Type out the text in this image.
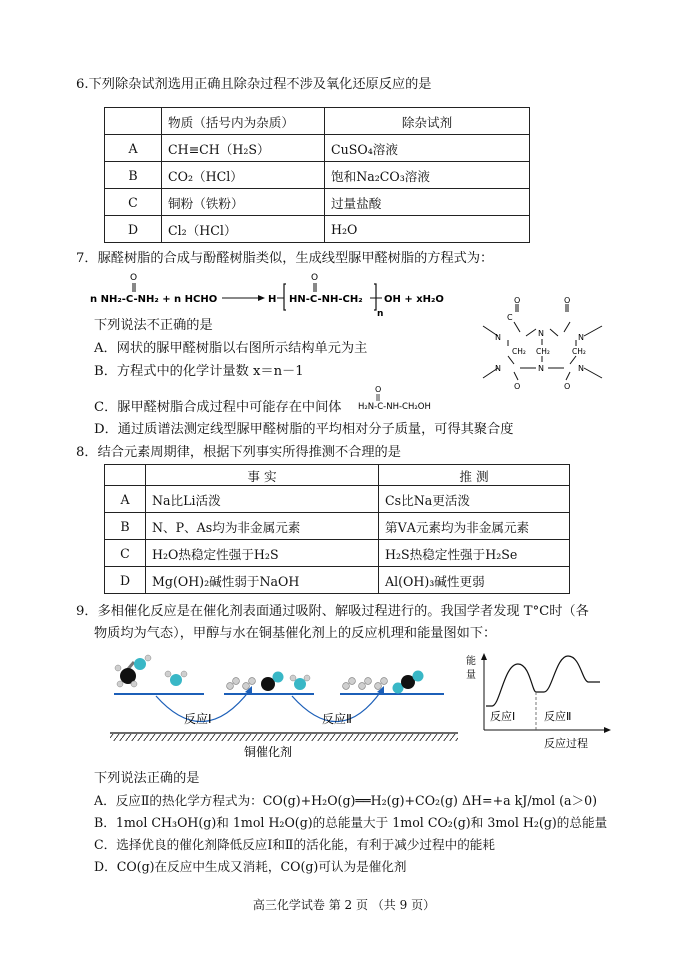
6.下列除杂试剂选用正确且除杂过程不涉及氧化还原反应的是
	物质（括号内为杂质）	除杂试剂
A	CH≡CH（H₂S）	CuSO₄溶液
B	CO₂（HCl）	饱和Na₂CO₃溶液
C	铜粉（铁粉）	过量盐酸
D	Cl₂（HCl）	H₂O
7．脲醛树脂的合成与酚醛树脂类似，生成线型脲甲醛树脂的方程式为：
n NH₂-C-NH₂ + n HCHO
O
H HN-C-NH-CH₂
O
n
OH + xH₂O
下列说法不正确的是
A．网状的脲甲醛树脂以右图所示结构单元为主
B．方程式中的化学计量数 x＝n－1
C．脲甲醛树脂合成过程中可能存在中间体
O
H₂N-C-NH-CH₂OH
D．通过质谱法测定线型脲甲醛树脂的平均相对分子质量，可得其聚合度
O	O
O	O
N	N	N
N	N	N
CH₂ CH₂	CH₂
C
8．结合元素周期律，根据下列事实所得推测不合理的是
	事 实	推 测
A	Na比Li活泼	Cs比Na更活泼
B	N、P、As均为非金属元素	第ⅤA元素均为非金属元素
C	H₂O热稳定性强于H₂S	H₂S热稳定性强于H₂Se
D	Mg(OH)₂碱性弱于NaOH	Al(OH)₃碱性更弱
9．多相催化反应是在催化剂表面通过吸附、解吸过程进行的。我国学者发现 T°C时（各
物质均为气态），甲醇与水在铜基催化剂上的反应机理和能量图如下：
反应Ⅰ	反应Ⅱ
铜催化剂
能
量
反应Ⅰ	反应Ⅱ
反应过程
下列说法正确的是
A．反应Ⅱ的热化学方程式为：CO(g)+H₂O(g)══H₂(g)+CO₂(g) ΔH=+a kJ/mol (a＞0)
B．1mol CH₃OH(g)和 1mol H₂O(g)的总能量大于 1mol CO₂(g)和 3mol H₂(g)的总能量
C．选择优良的催化剂降低反应Ⅰ和Ⅱ的活化能，有利于减少过程中的能耗
D．CO(g)在反应中生成又消耗，CO(g)可认为是催化剂
高三化学试卷 第 2 页 （共 9 页）
